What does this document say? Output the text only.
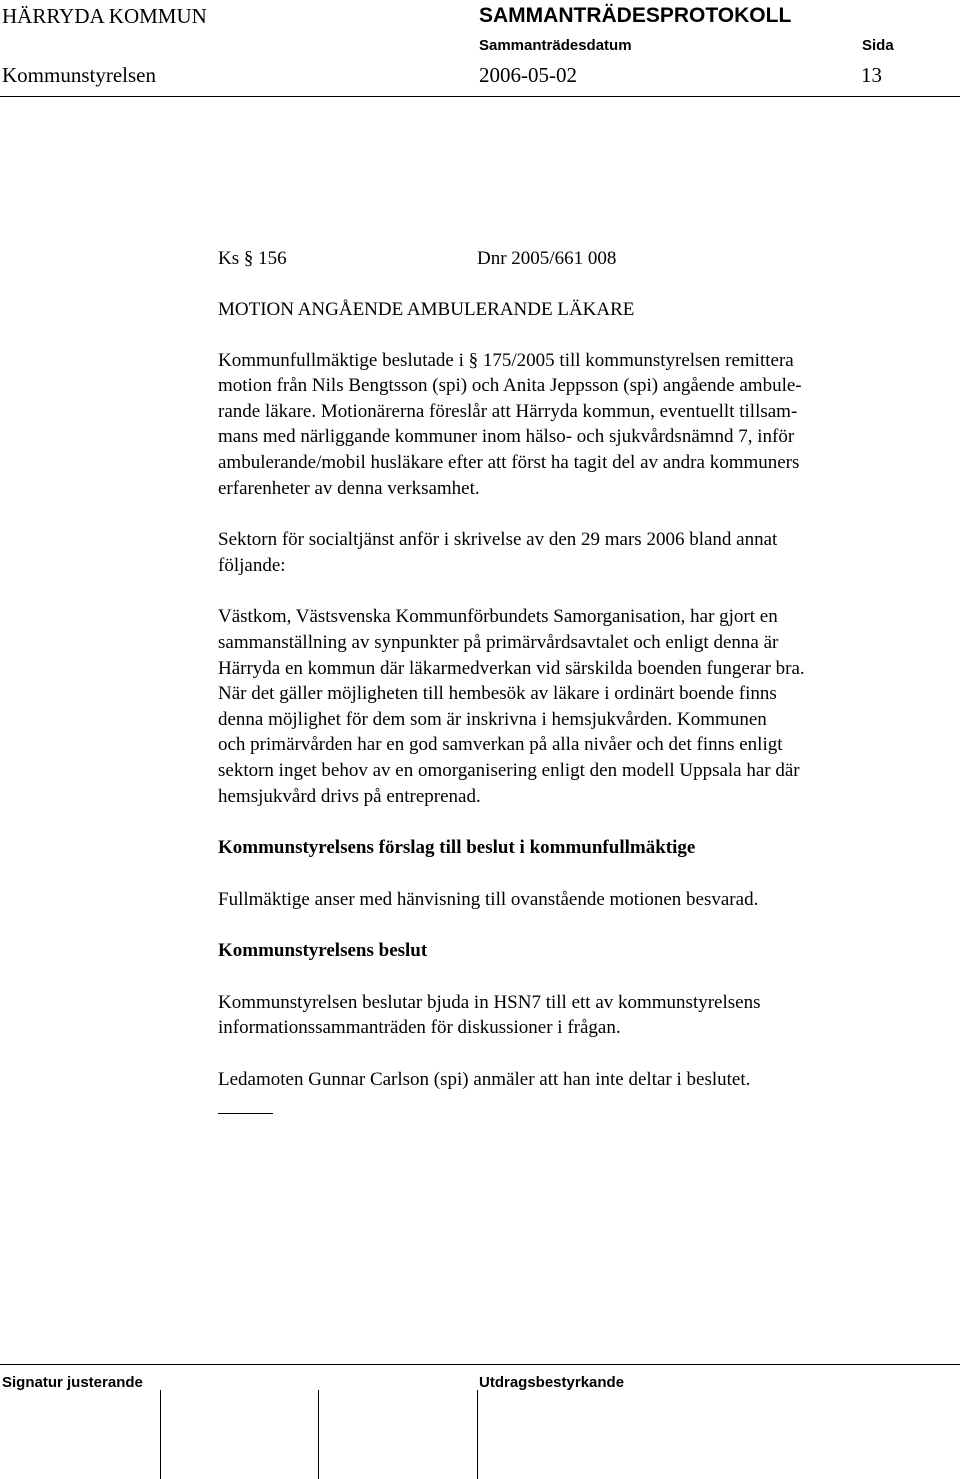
HÄRRYDA KOMMUN	SAMMANTRÄDESPROTOKOLL
Sammanträdesdatum	Sida
Kommunstyrelsen	2006-05-02	13
Ks § 156	Dnr 2005/661 008

MOTION ANGÅENDE AMBULERANDE LÄKARE

Kommunfullmäktige beslutade i § 175/2005 till kommunstyrelsen remittera
motion från Nils Bengtsson (spi) och Anita Jeppsson (spi) angående ambule-
rande läkare. Motionärerna föreslår att Härryda kommun, eventuellt tillsam-
mans med närliggande kommuner inom hälso- och sjukvårdsnämnd 7, inför
ambulerande/mobil husläkare efter att först ha tagit del av andra kommuners
erfarenheter av denna verksamhet.

Sektorn för socialtjänst anför i skrivelse av den 29 mars 2006 bland annat
följande:

Västkom, Västsvenska Kommunförbundets Samorganisation, har gjort en
sammanställning av synpunkter på primärvårdsavtalet och enligt denna är
Härryda en kommun där läkarmedverkan vid särskilda boenden fungerar bra.
När det gäller möjligheten till hembesök av läkare i ordinärt boende finns
denna möjlighet för dem som är inskrivna i hemsjukvården. Kommunen
och primärvården har en god samverkan på alla nivåer och det finns enligt
sektorn inget behov av en omorganisering enligt den modell Uppsala har där
hemsjukvård drivs på entreprenad.

Kommunstyrelsens förslag till beslut i kommunfullmäktige

Fullmäktige anser med hänvisning till ovanstående motionen besvarad.

Kommunstyrelsens beslut

Kommunstyrelsen beslutar bjuda in HSN7 till ett av kommunstyrelsens
informationssammanträden för diskussioner i frågan.

Ledamoten Gunnar Carlson (spi) anmäler att han inte deltar i beslutet.

Signatur justerande	Utdragsbestyrkande
